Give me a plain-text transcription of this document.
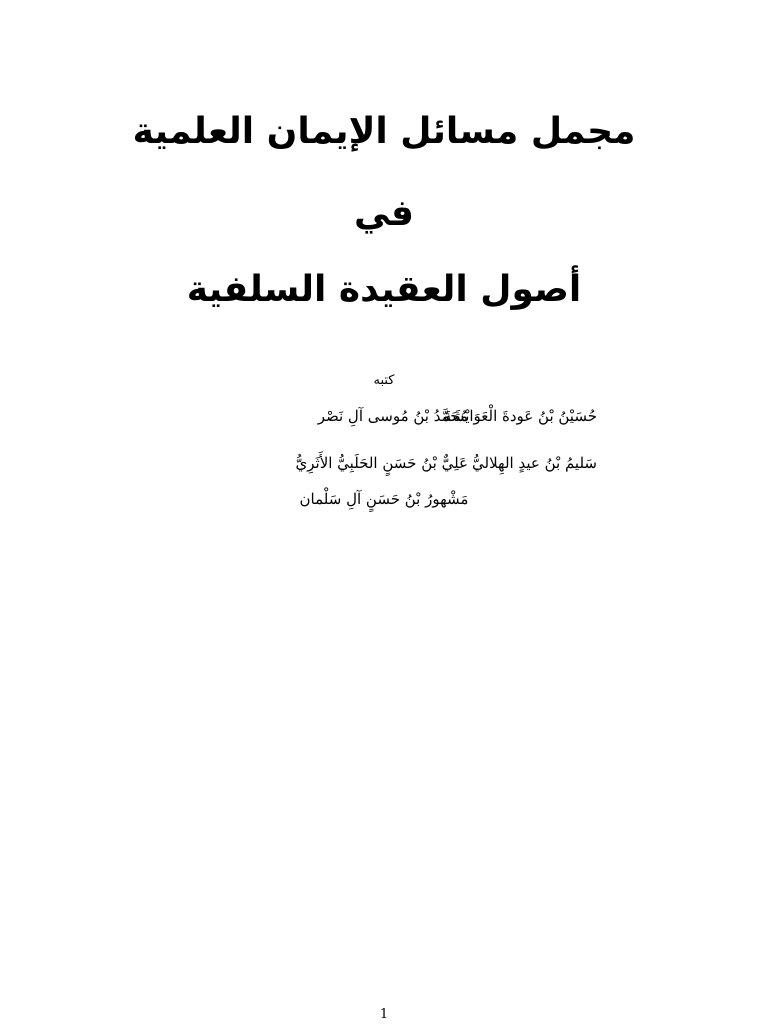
مجمل مسائل الإيمان العلمية
في
أصول العقيدة السلفية
كتبه
حُسَيْنُ بْنُ عَودةَ الْعَوَايْشَةَ
مُحَمَّدُ بْنُ مُوسى آلِ نَصْر
سَليمُ بْنُ عيدٍ الهِلاليُّ
عَلِيٌّ بْنُ حَسَنٍ الحَلَبِيُّ الأَثَرِيُّ
مَشْهورُ بْنُ حَسَنٍ آلِ سَلْمان
1
